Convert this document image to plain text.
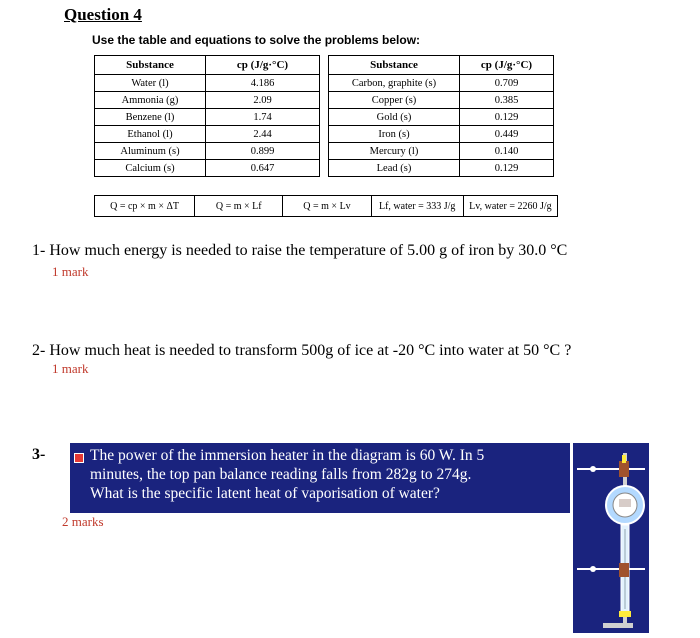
Question 4
Use the table and equations to solve the problems below:
Substance	cp (J/g·°C)
Water (l)	4.186
Ammonia (g)	2.09
Benzene (l)	1.74
Ethanol (l)	2.44
Aluminum (s)	0.899
Calcium (s)	0.647
Substance	cp (J/g·°C)
Carbon, graphite (s)	0.709
Copper (s)	0.385
Gold (s)	0.129
Iron (s)	0.449
Mercury (l)	0.140
Lead (s)	0.129
Q = cp × m × ΔT	Q = m × Lf	Q = m × Lv	Lf, water = 333 J/g	Lv, water = 2260 J/g
1- How much energy is needed to raise the temperature of 5.00 g of iron by 30.0 °C
1 mark
2- How much heat is needed to transform 500g of ice at -20 °C into water at 50 °C ?
1 mark
3-	The power of the immersion heater in the diagram is 60 W. In 5
minutes, the top pan balance reading falls from 282g to 274g.
What is the specific latent heat of vaporisation of water?
2 marks
